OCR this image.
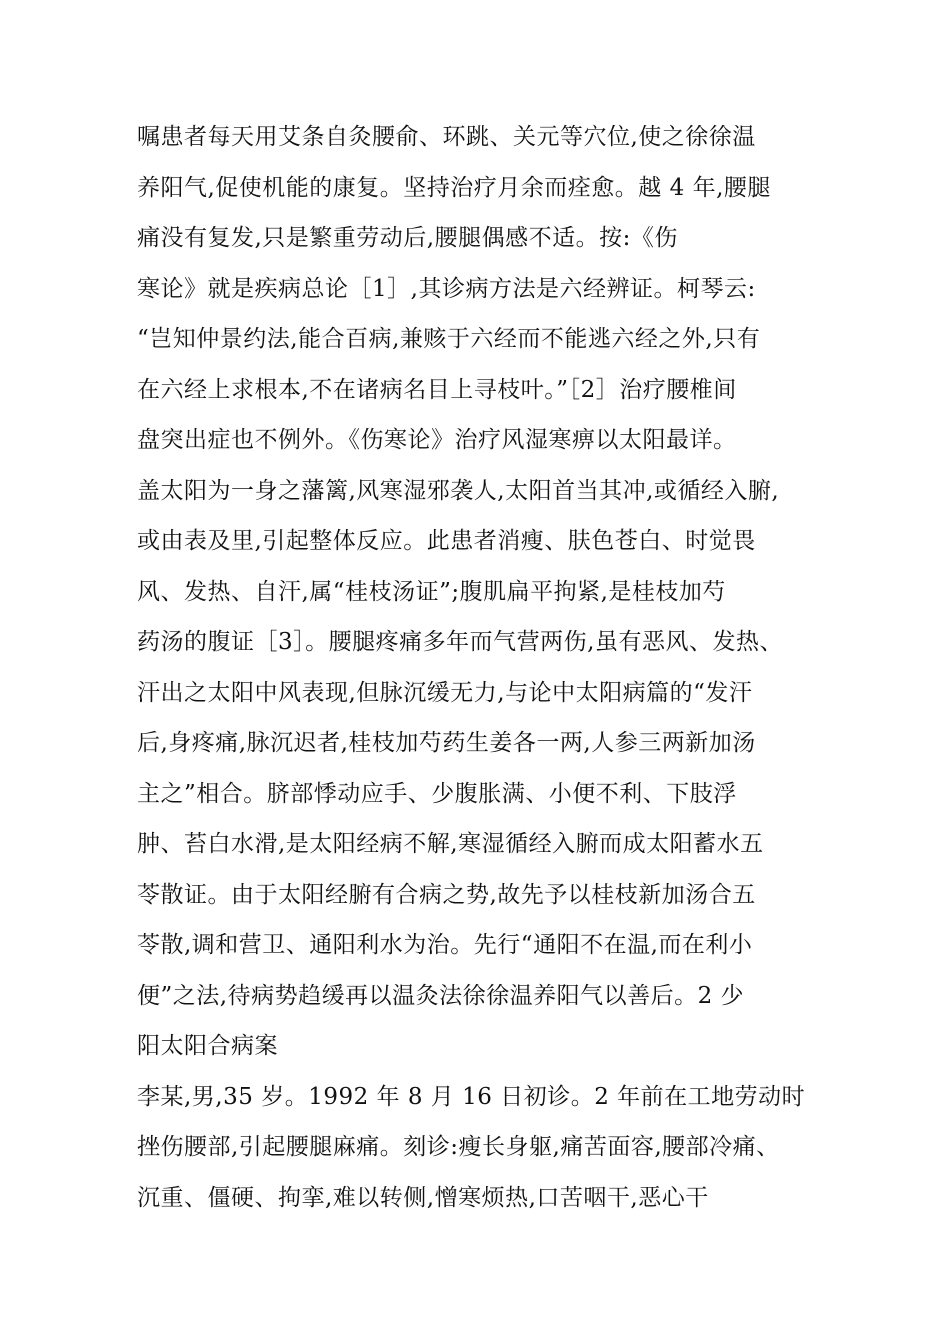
嘱患者每天用艾条自灸腰俞、环跳、关元等穴位,使之徐徐温
养阳气,促使机能的康复。坚持治疗月余而痊愈。越 4 年,腰腿
痛没有复发,只是繁重劳动后,腰腿偶感不适。按:《伤
寒论》就是疾病总论［1］,其诊病方法是六经辨证。柯琴云:
“岂知仲景约法,能合百病,兼赅于六经而不能逃六经之外,只有
在六经上求根本,不在诸病名目上寻枝叶。”［2］治疗腰椎间
盘突出症也不例外。《伤寒论》治疗风湿寒痹以太阳最详。
盖太阳为一身之藩篱,风寒湿邪袭人,太阳首当其冲,或循经入腑,
或由表及里,引起整体反应。此患者消瘦、肤色苍白、时觉畏
风、发热、自汗,属“桂枝汤证”;腹肌扁平拘紧,是桂枝加芍
药汤的腹证［3］。腰腿疼痛多年而气营两伤,虽有恶风、发热、
汗出之太阳中风表现,但脉沉缓无力,与论中太阳病篇的“发汗
后,身疼痛,脉沉迟者,桂枝加芍药生姜各一两,人参三两新加汤
主之”相合。脐部悸动应手、少腹胀满、小便不利、下肢浮
肿、苔白水滑,是太阳经病不解,寒湿循经入腑而成太阳蓄水五
苓散证。由于太阳经腑有合病之势,故先予以桂枝新加汤合五
苓散,调和营卫、通阳利水为治。先行“通阳不在温,而在利小
便”之法,待病势趋缓再以温灸法徐徐温养阳气以善后。2 少
阳太阳合病案
李某,男,35 岁。1992 年 8 月 16 日初诊。2 年前在工地劳动时
挫伤腰部,引起腰腿麻痛。刻诊:瘦长身躯,痛苦面容,腰部冷痛、
沉重、僵硬、拘挛,难以转侧,憎寒烦热,口苦咽干,恶心干
